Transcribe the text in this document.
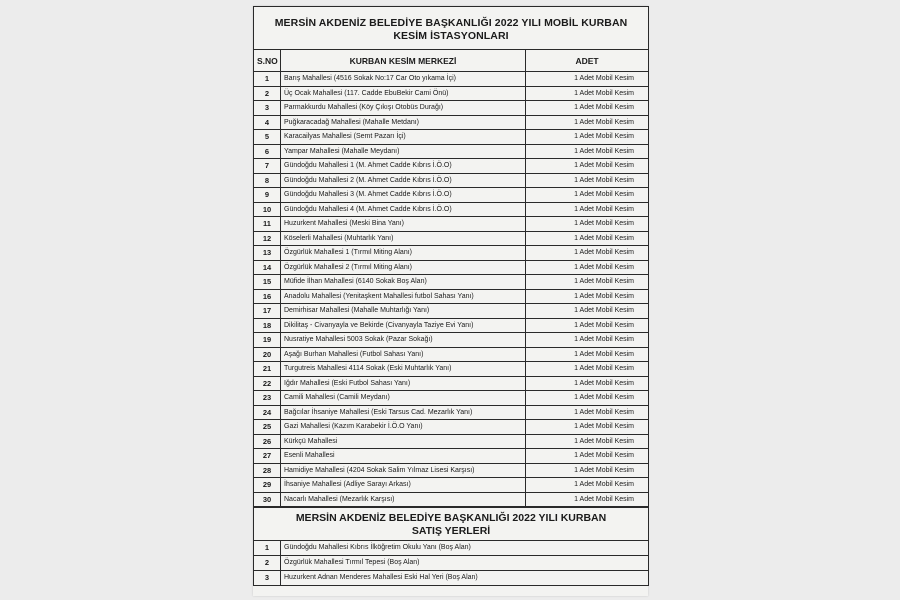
MERSİN AKDENİZ BELEDİYE BAŞKANLIĞI 2022 YILI MOBİL KURBAN
KESİM İSTASYONLARI		

S.NO	KURBAN KESİM MERKEZİ	ADET
1	Barış Mahallesi (4516 Sokak No:17 Car Oto yıkama İçi)	1 Adet Mobil Kesim
2	Üç Ocak Mahallesi (117. Cadde EbuBekir Cami Önü)	1 Adet Mobil Kesim
3	Parmakkurdu Mahallesi (Köy Çıkışı Otobüs Durağı)	1 Adet Mobil Kesim
4	Puğkaracadağ Mahallesi (Mahalle Metdanı)	1 Adet Mobil Kesim
5	Karacailyas Mahallesi (Semt Pazarı İçi)	1 Adet Mobil Kesim
6	Yampar Mahallesi (Mahalle Meydanı)	1 Adet Mobil Kesim
7	Gündoğdu Mahallesi 1 (M. Ahmet Cadde Kıbrıs İ.Ö.O)	1 Adet Mobil Kesim
8	Gündoğdu Mahallesi 2 (M. Ahmet Cadde Kıbrıs İ.Ö.O)	1 Adet Mobil Kesim
9	Gündoğdu Mahallesi 3 (M. Ahmet Cadde Kıbrıs İ.Ö.O)	1 Adet Mobil Kesim
10	Gündoğdu Mahallesi 4 (M. Ahmet Cadde Kıbrıs İ.Ö.O)	1 Adet Mobil Kesim
11	Huzurkent Mahallesi (Meski Bina Yanı)	1 Adet Mobil Kesim
12	Köselerli Mahallesi (Muhtarlık Yanı)	1 Adet Mobil Kesim
13	Özgürlük Mahallesi 1 (Tırmıl Miting Alanı)	1 Adet Mobil Kesim
14	Özgürlük Mahallesi 2 (Tırmıl Miting Alanı)	1 Adet Mobil Kesim
15	Müfide İlhan Mahallesi (6140 Sokak Boş Alan)	1 Adet Mobil Kesim
16	Anadolu Mahallesi (Yenitaşkent Mahallesi futbol Sahası Yanı)	1 Adet Mobil Kesim
17	Demirhisar Mahallesi (Mahalle Muhtarlığı Yanı)	1 Adet Mobil Kesim
18	Dikilitaş - Civanyayla ve Bekirde (Civanyayla Taziye Evi Yanı)	1 Adet Mobil Kesim
19	Nusratiye Mahallesi 5003 Sokak (Pazar Sokağı)	1 Adet Mobil Kesim
20	Aşağı Burhan Mahallesi (Futbol Sahası Yanı)	1 Adet Mobil Kesim
21	Turgutreis Mahallesi 4114 Sokak (Eski Muhtarlık Yanı)	1 Adet Mobil Kesim
22	Iğdır Mahallesi (Eski Futbol Sahası Yanı)	1 Adet Mobil Kesim
23	Camili Mahallesi (Camili Meydanı)	1 Adet Mobil Kesim
24	Bağcılar İhsaniye Mahallesi (Eski Tarsus Cad. Mezarlık Yanı)	1 Adet Mobil Kesim
25	Gazi Mahallesi (Kazım Karabekir İ.Ö.O Yanı)	1 Adet Mobil Kesim
26	Kürkçü Mahallesi	1 Adet Mobil Kesim
27	Esenli Mahallesi	1 Adet Mobil Kesim
28	Hamidiye Mahallesi (4204 Sokak Salim Yılmaz Lisesi Karşısı)	1 Adet Mobil Kesim
29	İhsaniye Mahallesi (Adliye Sarayı Arkası)	1 Adet Mobil Kesim
30	Nacarlı Mahallesi (Mezarlık Karşısı)	1 Adet Mobil Kesim
MERSİN AKDENİZ BELEDİYE BAŞKANLIĞI 2022 YILI KURBAN
SATIŞ YERLERİ	

1	Gündoğdu Mahallesi Kıbrıs İlköğretim Okulu Yanı (Boş Alan)
2	Özgürlük Mahallesi Tırmıl Tepesi (Boş Alan)
3	Huzurkent Adnan Menderes Mahallesi Eski Hal Yeri (Boş Alan)
